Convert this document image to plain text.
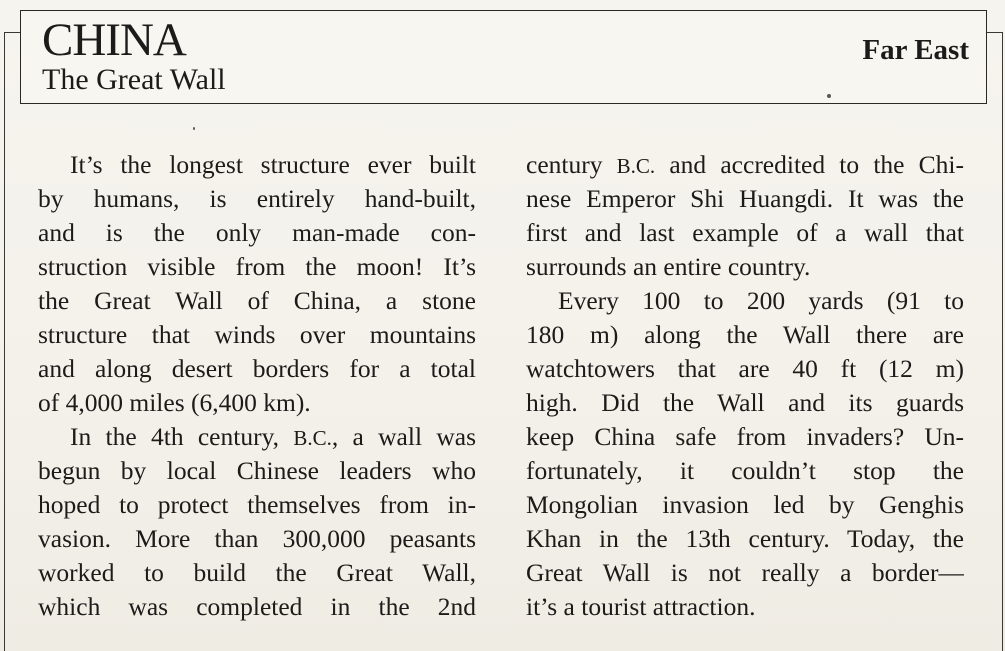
CHINA
The Great Wall
Far East
It’s the longest structure ever built
by humans, is entirely hand-built,
and is the only man-made con-
struction visible from the moon! It’s
the Great Wall of China, a stone
structure that winds over mountains
and along desert borders for a total
of 4,000 miles (6,400 km).
In the 4th century, B.C., a wall was
begun by local Chinese leaders who
hoped to protect themselves from in-
vasion. More than 300,000 peasants
worked to build the Great Wall,
which was completed in the 2nd
century B.C. and accredited to the Chi-
nese Emperor Shi Huangdi. It was the
first and last example of a wall that
surrounds an entire country.
Every 100 to 200 yards (91 to
180 m) along the Wall there are
watchtowers that are 40 ft (12 m)
high. Did the Wall and its guards
keep China safe from invaders? Un-
fortunately, it couldn’t stop the
Mongolian invasion led by Genghis
Khan in the 13th century. Today, the
Great Wall is not really a border—
it’s a tourist attraction.
